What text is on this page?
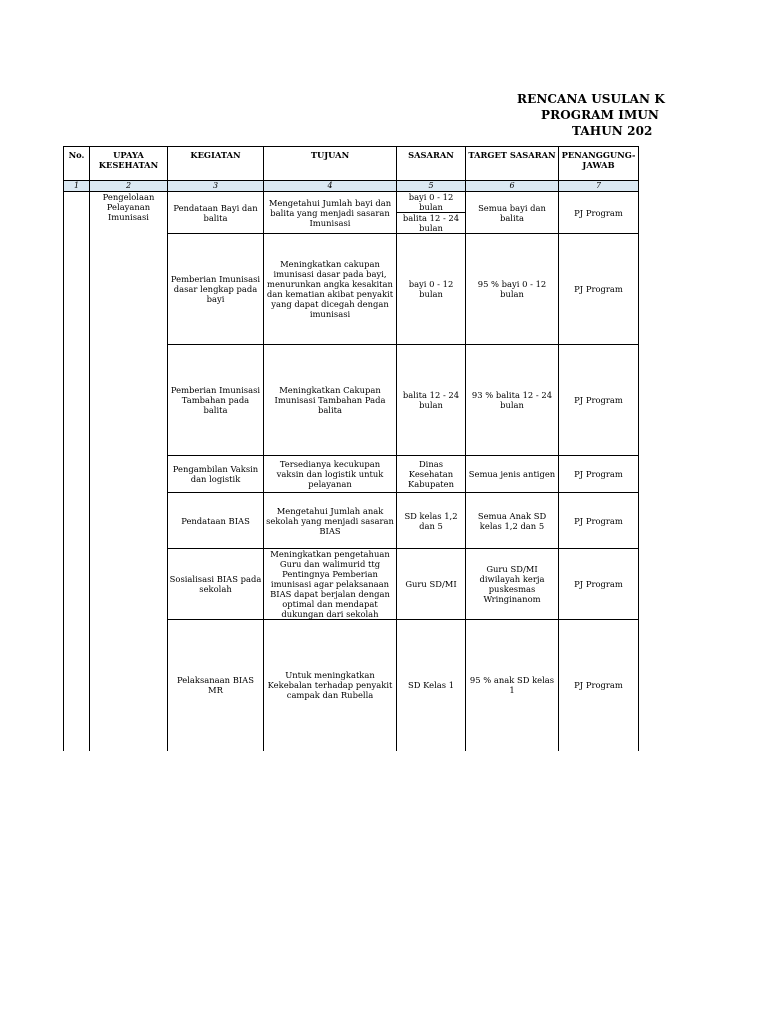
RENCANA USULAN K
PROGRAM IMUN
TAHUN 202
No.	UPAYA KESEHATAN	KEGIATAN	TUJUAN	SASARAN	TARGET SASARAN	PENANGGUNG-JAWAB
1	2	3	4	5	6	7
	Pengelolaan Pelayanan Imunisasi	Pendataan Bayi dan balita	Mengetahui Jumlah bayi dan balita yang menjadi sasaran Imunisasi	bayi 0 - 12 bulan	Semua bayi dan balita	PJ Program
				balita 12 - 24 bulan		
		Pemberian Imunisasi dasar lengkap pada bayi	Meningkatkan cakupan imunisasi dasar pada bayi, menurunkan angka kesakitan dan kematian akibat penyakit yang dapat dicegah dengan imunisasi	bayi 0 - 12 bulan	95 % bayi 0 - 12 bulan	PJ Program
		Pemberian Imunisasi Tambahan pada balita	Meningkatkan Cakupan Imunisasi Tambahan Pada balita	balita 12 - 24 bulan	93 % balita 12 - 24 bulan	PJ Program
		Pengambilan Vaksin dan logistik	Tersedianya kecukupan vaksin dan logistik untuk pelayanan	Dinas Kesehatan Kabupaten	Semua jenis antigen	PJ Program
		Pendataan BIAS	Mengetahui Jumlah anak sekolah yang menjadi sasaran BIAS	SD kelas 1,2 dan 5	Semua Anak SD kelas 1,2 dan 5	PJ Program
		Sosialisasi BIAS pada sekolah	Meningkatkan pengetahuan Guru dan walimurid ttg Pentingnya Pemberian imunisasi agar pelaksanaan BIAS dapat berjalan dengan optimal dan mendapat dukungan dari sekolah	Guru SD/MI	Guru SD/MI diwilayah kerja puskesmas Wringinanom	PJ Program
		Pelaksanaan BIAS MR	Untuk meningkatkan Kekebalan terhadap penyakit campak dan Rubella	SD Kelas 1	95 % anak SD kelas 1	PJ Program
